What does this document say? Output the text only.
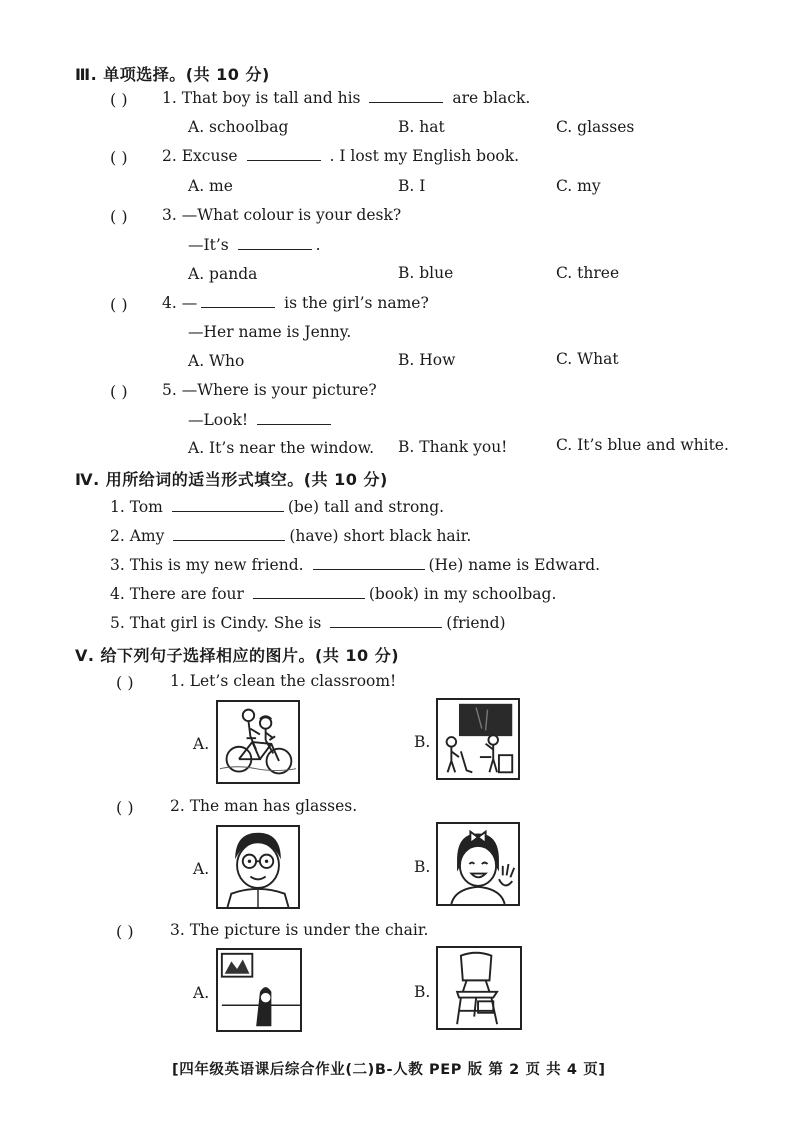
Ⅲ. 单项选择。(共 10 分)
( ) 1. That boy is tall and his	are black.
A. schoolbag	B. hat	C. glasses
( ) 2. Excuse	. I lost my English book.
A. me	B. I	C. my
( ) 3. —What colour is your desk?
—It’s	.
A. panda	B. blue	C. three
( ) 4. —	is the girl’s name?
—Her name is Jenny.
A. Who	B. How	C. What
( ) 5. —Where is your picture?
—Look!
A. It’s near the window. B. Thank you!	C. It’s blue and white.
Ⅳ. 用所给词的适当形式填空。(共 10 分)
1. Tom	(be) tall and strong.
2. Amy	(have) short black hair.
3. This is my new friend.	(He) name is Edward.
4. There are four	(book) in my schoolbag.
5. That girl is Cindy. She is	(friend)
Ⅴ. 给下列句子选择相应的图片。(共 10 分)
( ) 1. Let’s clean the classroom!
A.	B.
( ) 2. The man has glasses.
A.	B.
( ) 3. The picture is under the chair.
A.	B.
[四年级英语课后综合作业(二)B-人教 PEP 版 第 2 页 共 4 页]
